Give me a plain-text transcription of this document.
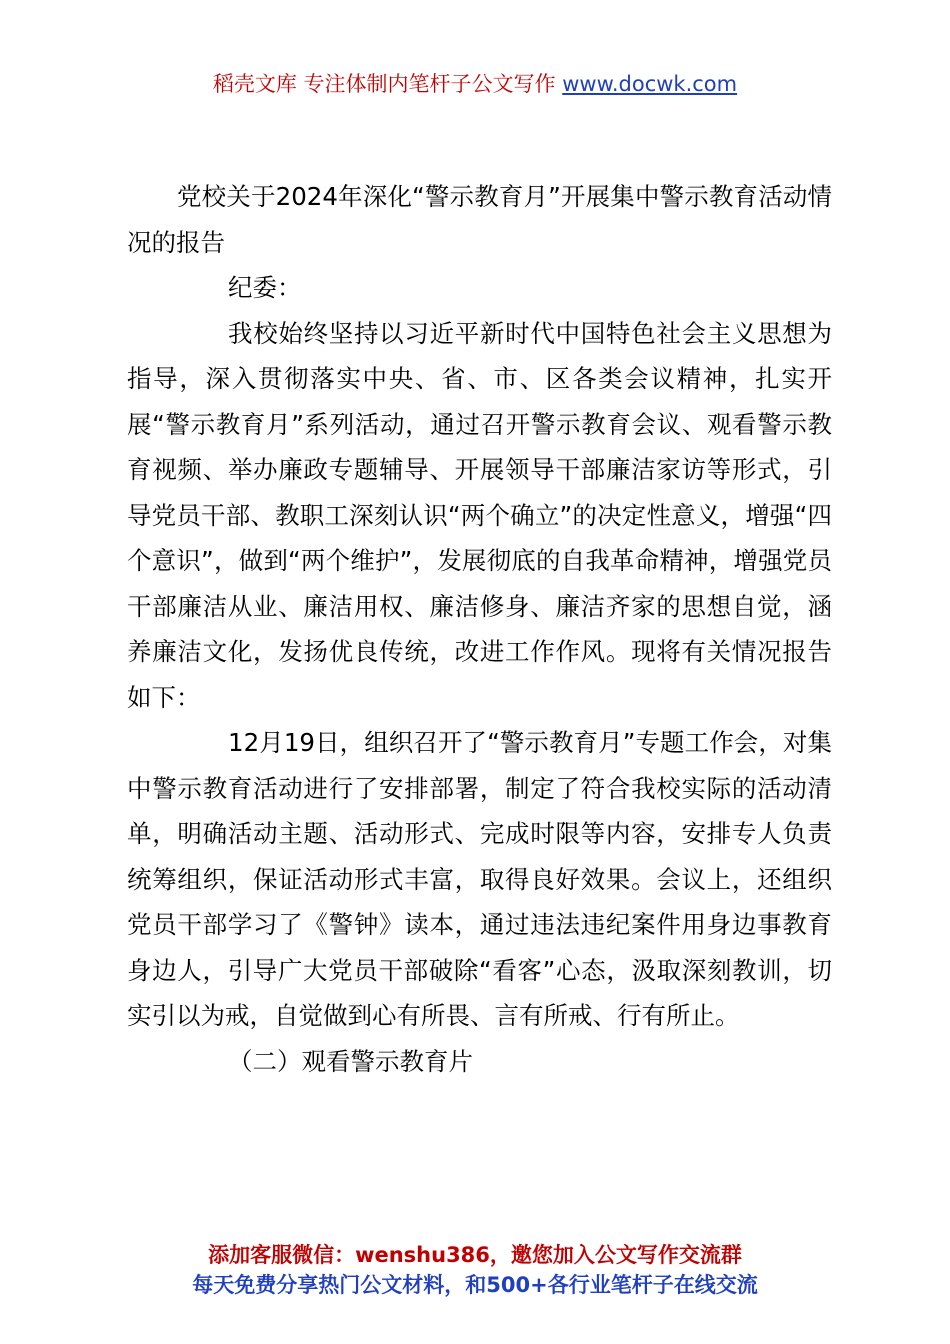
稻壳文库 专注体制内笔杆子公文写作 www.docwk.com

党校关于2024年深化“警示教育月”开展集中警示教育活动情况的报告

纪委：

我校始终坚持以习近平新时代中国特色社会主义思想为指导，深入贯彻落实中央、省、市、区各类会议精神，扎实开展“警示教育月”系列活动，通过召开警示教育会议、观看警示教育视频、举办廉政专题辅导、开展领导干部廉洁家访等形式，引导党员干部、教职工深刻认识“两个确立”的决定性意义，增强“四个意识”，做到“两个维护”，发展彻底的自我革命精神，增强党员干部廉洁从业、廉洁用权、廉洁修身、廉洁齐家的思想自觉，涵养廉洁文化，发扬优良传统，改进工作作风。现将有关情况报告如下：

12月19日，组织召开了“警示教育月”专题工作会，对集中警示教育活动进行了安排部署，制定了符合我校实际的活动清单，明确活动主题、活动形式、完成时限等内容，安排专人负责统筹组织，保证活动形式丰富，取得良好效果。会议上，还组织党员干部学习了《警钟》读本，通过违法违纪案件用身边事教育身边人，引导广大党员干部破除“看客”心态，汲取深刻教训，切实引以为戒，自觉做到心有所畏、言有所戒、行有所止。

（二）观看警示教育片

添加客服微信：wenshu386，邀您加入公文写作交流群
每天免费分享热门公文材料，和500+各行业笔杆子在线交流
